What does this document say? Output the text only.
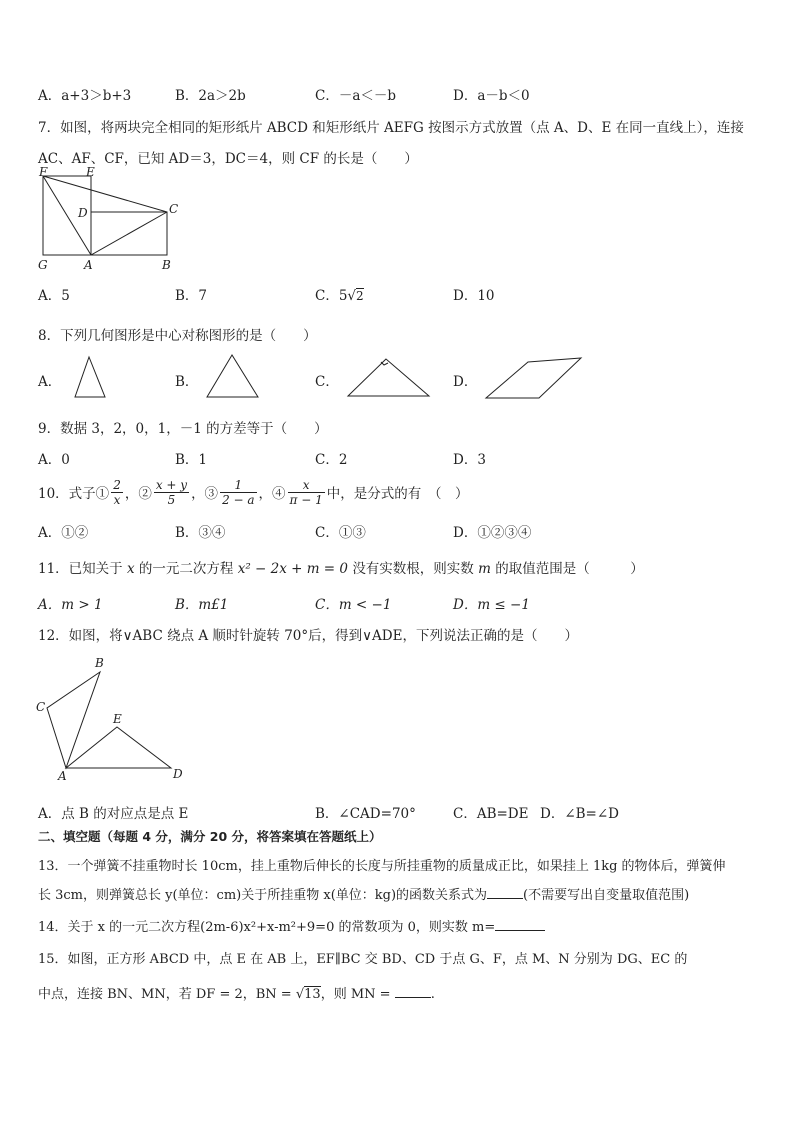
A．a+3＞b+3	B．2a＞2b	C．－a＜－b	D．a－b＜0
7．如图，将两块完全相同的矩形纸片 ABCD 和矩形纸片 AEFG 按图示方式放置（点 A、D、E 在同一直线上），连接
AC、AF、CF，已知 AD＝3，DC＝4，则 CF 的长是（　　）
F	E
D	C
G	A	B
A．5	B．7	C．5√2	D．10
8．下列几何图形是中心对称图形的是（　　）
A．	B．	C．	D．
9．数据 3，2，0，1，－1 的方差等于（　　）
A．0	B．1	C．2	D．3
10．式子① $\frac{2}{x}$ ，② $\frac{x + y}{5}$ ，③ $\frac{1}{2 - a}$ ，④ $\frac{x}{\pi - 1}$ 中，是分式的有　（　）
A．①②	B．③④	C．①③	D．①②③④
11．已知关于 x 的一元二次方程 x² − 2x + m = 0 没有实数根，则实数 m 的取值范围是（　　　）
A．m > 1	B．m£1	C．m < −1	D．m ≤ −1
12．如图，将∨ABC 绕点 A 顺时针旋转 70°后，得到∨ADE，下列说法正确的是（　　）
B
C
E
A	D
A．点 B 的对应点是点 E	B．∠CAD=70°	C．AB=DE D．∠B=∠D
二、填空题（每题 4 分，满分 20 分，将答案填在答题纸上）
13．一个弹簧不挂重物时长 10cm，挂上重物后伸长的长度与所挂重物的质量成正比，如果挂上 1kg 的物体后，弹簧伸
长 3cm，则弹簧总长 y(单位：cm)关于所挂重物 x(单位：kg)的函数关系式为	(不需要写出自变量取值范围)
14．关于 x 的一元二次方程(2m-6)x²+x-m²+9=0 的常数项为 0，则实数 m=
15．如图，正方形 ABCD 中，点 E 在 AB 上，EF∥BC 交 BD、CD 于点 G、F，点 M、N 分别为 DG、EC 的
中点，连接 BN、MN，若 DF = 2，BN = √13，则 MN =	.
